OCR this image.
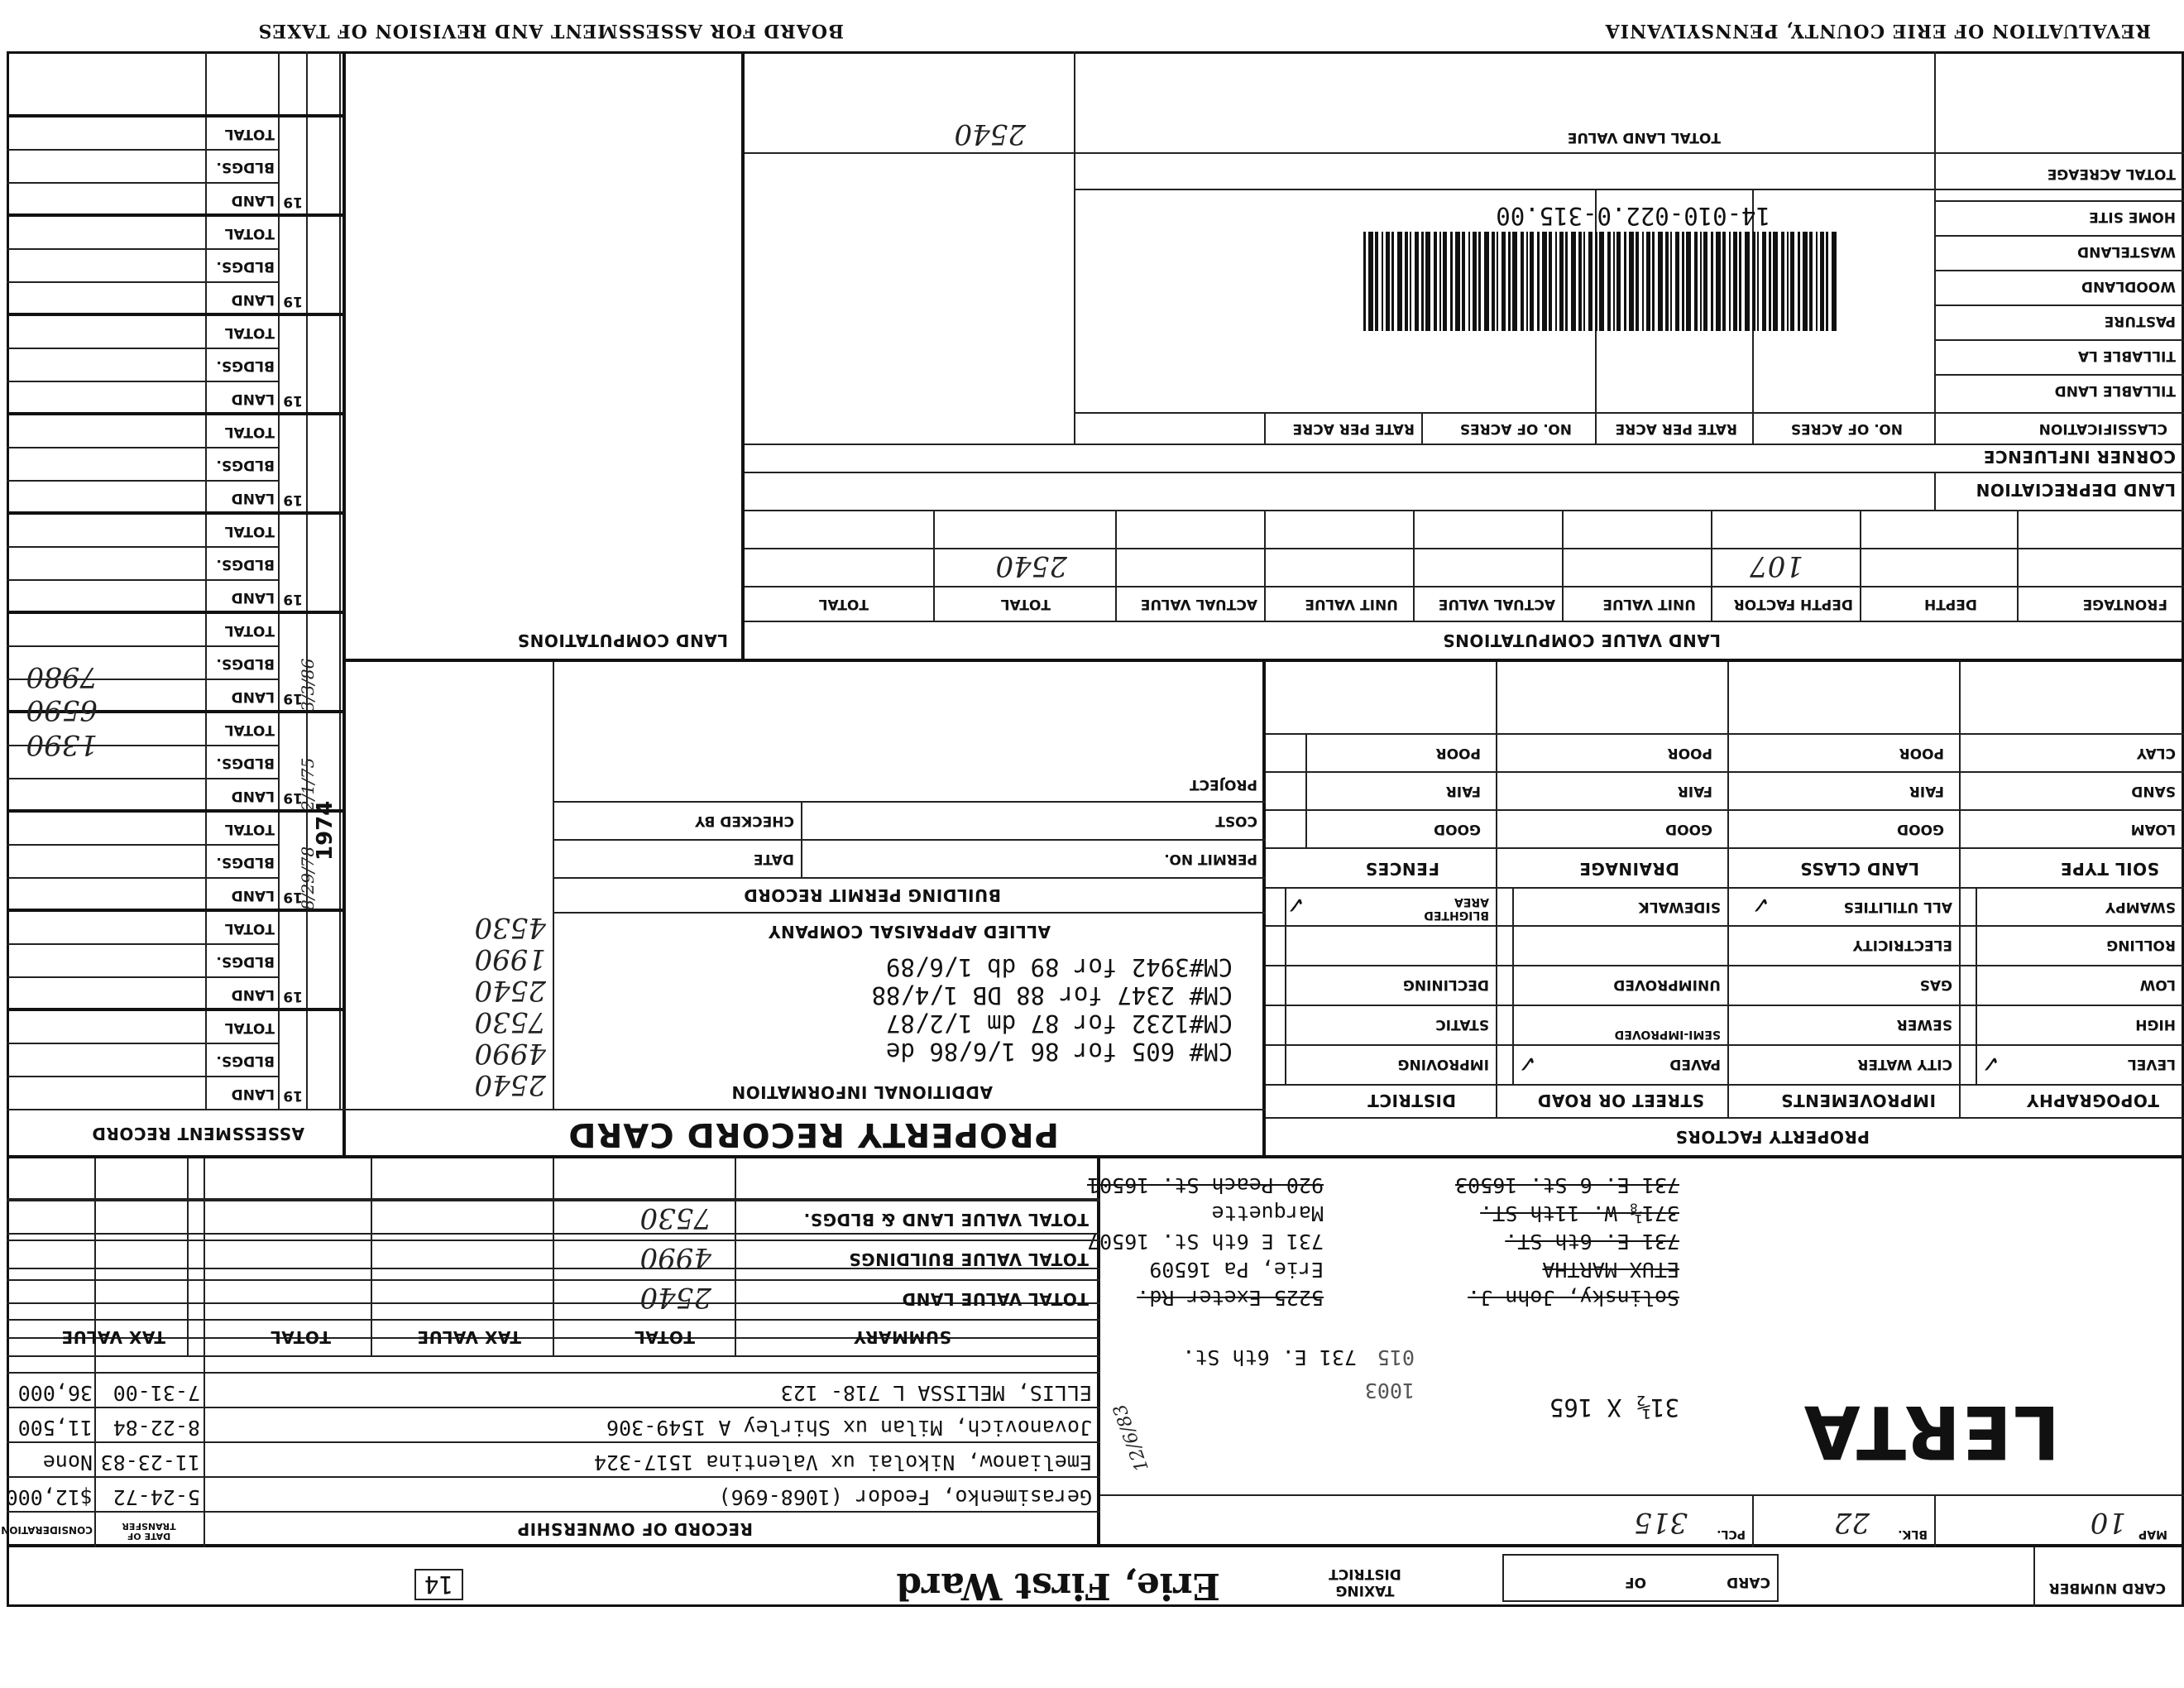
CARD NUMBER
CARD
OF
TAXING DISTRICT
Erie, First Ward
14
MAP
10
BLK.
22
PCL.
315
LERTA
31½ X 165
1003
015
731 E. 6th St.
Solinsky, John J.
ETUX MARTHA
731 E. 6th ST.
371⅛ W. 11th ST.
731 E. 6 St. 16503
5225 Exeter Rd.
Erie, Pa 16509
731 E 6th St. 16507
Marquette
920 Peach St. 16501
12/6/83
RECORD OF OWNERSHIP
DATE OF TRANSFER
CONSIDERATION
Gerasimenko, Feodor (1068-696)
5-24-72
$12,000
Emelianow, Nikolai ux Valentina 1517-324
11-23-83
None
Jovanovich, Milan ux Shirley A 1549-306
8-22-84
11,500
ELLIS, MELISSA L 718- 123
7-31-00
36,000
SUMMARY
TOTAL
TAX VALUE
TOTAL
TAX VALUE
TOTAL VALUE LAND
2540
TOTAL VALUE BUILDINGS
4990
TOTAL VALUE LAND & BLDGS.
7530
PROPERTY FACTORS
TOPOGRAPHY
IMPROVEMENTS
STREET OR ROAD
DISTRICT
LEVEL
HIGH
LOW
ROLLING
SWAMPY
✓
CITY WATER
SEWER
GAS
ELECTRICITY
ALL UTILITIES
✓
PAVED
SEMI-IMPROVED
UNIMPROVED
SIDEWALK
✓
IMPROVING
STATIC
DECLINING
BLIGHTED AREA
✓
SOIL TYPE
LAND CLASS
DRAINAGE
FENCES
LOAM
SAND
CLAY
GOOD
FAIR
POOR
GOOD
FAIR
POOR
GOOD
FAIR
POOR
PROPERTY RECORD CARD
ADDITIONAL INFORMATION
CM# 605 for 86 1/6/86 de
CM#1232 for 87 dm 1/2/87
CM# 2347 for 88 DB 1/4/88
CM#3942 for 89 db 1/6/89
ALLIED APPRAISAL COMPANY
BUILDING PERMIT RECORD
PERMIT NO.
DATE
COST
CHECKED BY
PROJECT
2540
4990
7530
2540
1990
4530
ASSESSMENT RECORD
LAND
BLDGS.
TOTAL
19
LAND
BLDGS.
TOTAL
19
LAND
BLDGS.
TOTAL
19
LAND
BLDGS.
TOTAL
19
LAND
BLDGS.
TOTAL
19
LAND
BLDGS.
TOTAL
19
LAND
BLDGS.
TOTAL
19
LAND
BLDGS.
TOTAL
19
LAND
BLDGS.
TOTAL
19
LAND
BLDGS.
TOTAL
19
1390
6590
7980
1974
2/1/75
8/29/78
3/3/86
LAND VALUE COMPUTATIONS
FRONTAGE
DEPTH
DEPTH FACTOR
UNIT VALUE
ACTUAL VALUE
UNIT VALUE
ACTUAL VALUE
TOTAL
TOTAL
107
2540
LAND COMPUTATIONS
LAND DEPRECIATION
CORNER INFLUENCE
CLASSIFICATION
NO. OF ACRES
RATE PER ACRE
NO. OF ACRES
RATE PER ACRE
TILLABLE LAND
TILLABLE LA
PASTURE
WOODLAND
WASTELAND
HOME SITE
TOTAL ACREAGE
TOTAL LAND VALUE
2540
14-010-022.0-315.00
REVALUATION OF ERIE COUNTY, PENNSYLVANIA
BOARD FOR ASSESSMENT AND REVISION OF TAXES
